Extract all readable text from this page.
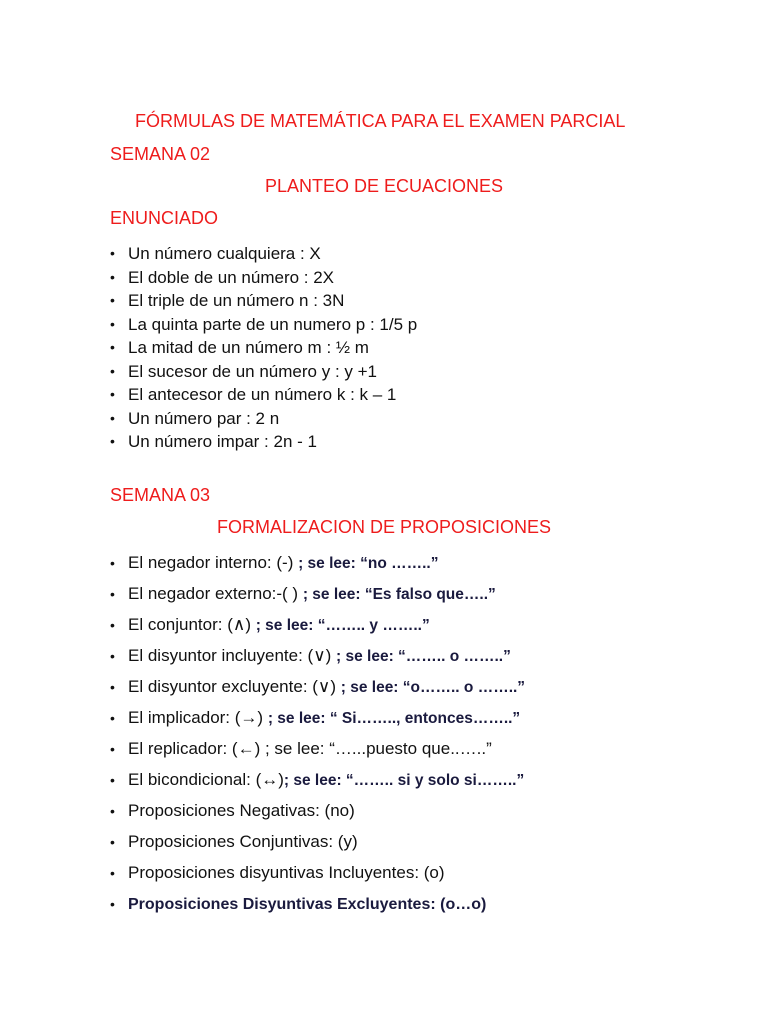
FÓRMULAS DE MATEMÁTICA PARA EL EXAMEN PARCIAL
SEMANA 02
PLANTEO DE ECUACIONES
ENUNCIADO
• Un número cualquiera : X
• El doble de un número : 2X
• El triple de un número n : 3N
• La quinta parte de un numero p : 1/5 p
• La mitad de un número m : ½ m
• El sucesor de un número y : y +1
• El antecesor de un número k : k – 1
• Un número par : 2 n
• Un número impar : 2n - 1
SEMANA 03
FORMALIZACION DE PROPOSICIONES
• El negador interno: (-) ; se lee: “no ……..”
• El negador externo:-( ) ; se lee: “Es falso que…..”
• El conjuntor: (∧) ; se lee: “…….. y ……..”
• El disyuntor incluyente: (∨) ; se lee: “…….. o ……..”
• El disyuntor excluyente: (∨) ; se lee: “o…….. o ……..”
• El implicador: (→) ; se lee: “ Si…….., entonces……..”
• El replicador: (←) ; se lee: “…...puesto que..…..”
• El bicondicional: (↔); se lee: “…….. si y solo si……..”
• Proposiciones Negativas: (no)
• Proposiciones Conjuntivas: (y)
• Proposiciones disyuntivas Incluyentes: (o)
• Proposiciones Disyuntivas Excluyentes: (o…o)
